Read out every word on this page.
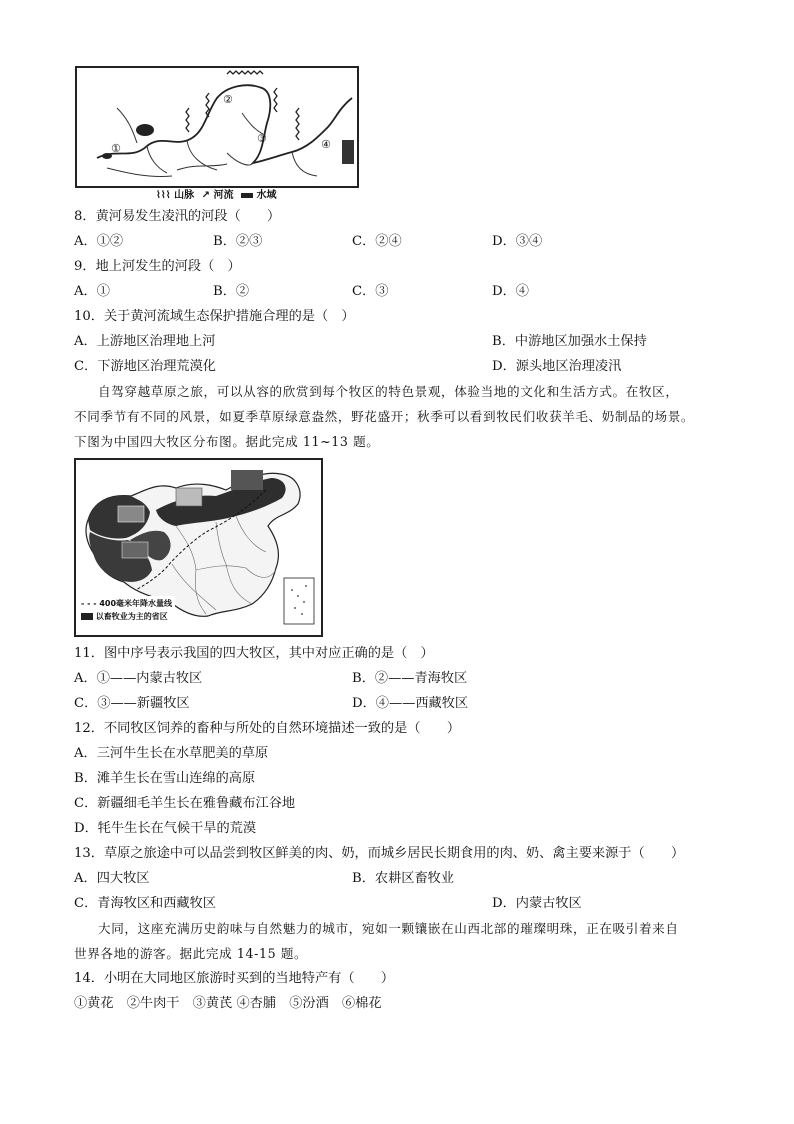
①
②
③	④
⌇⌇⌇ 山脉 ↗ 河流 水域
8．黄河易发生凌汛的河段（　　）
A．①②	B．②③	C．②④	D．③④
9．地上河发生的河段（　）
A．①	B．②	C．③	D．④
10．关于黄河流域生态保护措施合理的是（　）
A．上游地区治理地上河	B．中游地区加强水土保持
C．下游地区治理荒漠化	D．源头地区治理凌汛
自驾穿越草原之旅，可以从容的欣赏到每个牧区的特色景观，体验当地的文化和生活方式。在牧区，
不同季节有不同的风景，如夏季草原绿意盎然，野花盛开；秋季可以看到牧民们收获羊毛、奶制品的场景。
下图为中国四大牧区分布图。据此完成 11~13 题。
- - - 400毫米年降水量线
以畜牧业为主的省区
11．图中序号表示我国的四大牧区，其中对应正确的是（　）
A．①——内蒙古牧区	B．②——青海牧区
C．③——新疆牧区	D．④——西藏牧区
12．不同牧区饲养的畜种与所处的自然环境描述一致的是（　　）
A．三河牛生长在水草肥美的草原
B．滩羊生长在雪山连绵的高原
C．新疆细毛羊生长在雅鲁藏布江谷地
D．牦牛生长在气候干旱的荒漠
13．草原之旅途中可以品尝到牧区鲜美的肉、奶，而城乡居民长期食用的肉、奶、禽主要来源于（　　）
A．四大牧区	B．农耕区畜牧业
C．青海牧区和西藏牧区	D．内蒙古牧区
大同，这座充满历史韵味与自然魅力的城市，宛如一颗镶嵌在山西北部的璀璨明珠，正在吸引着来自
世界各地的游客。据此完成 14-15 题。
14．小明在大同地区旅游时买到的当地特产有（　　）
①黄花　②牛肉干　③黄芪 ④杏脯　⑤汾酒　⑥棉花
